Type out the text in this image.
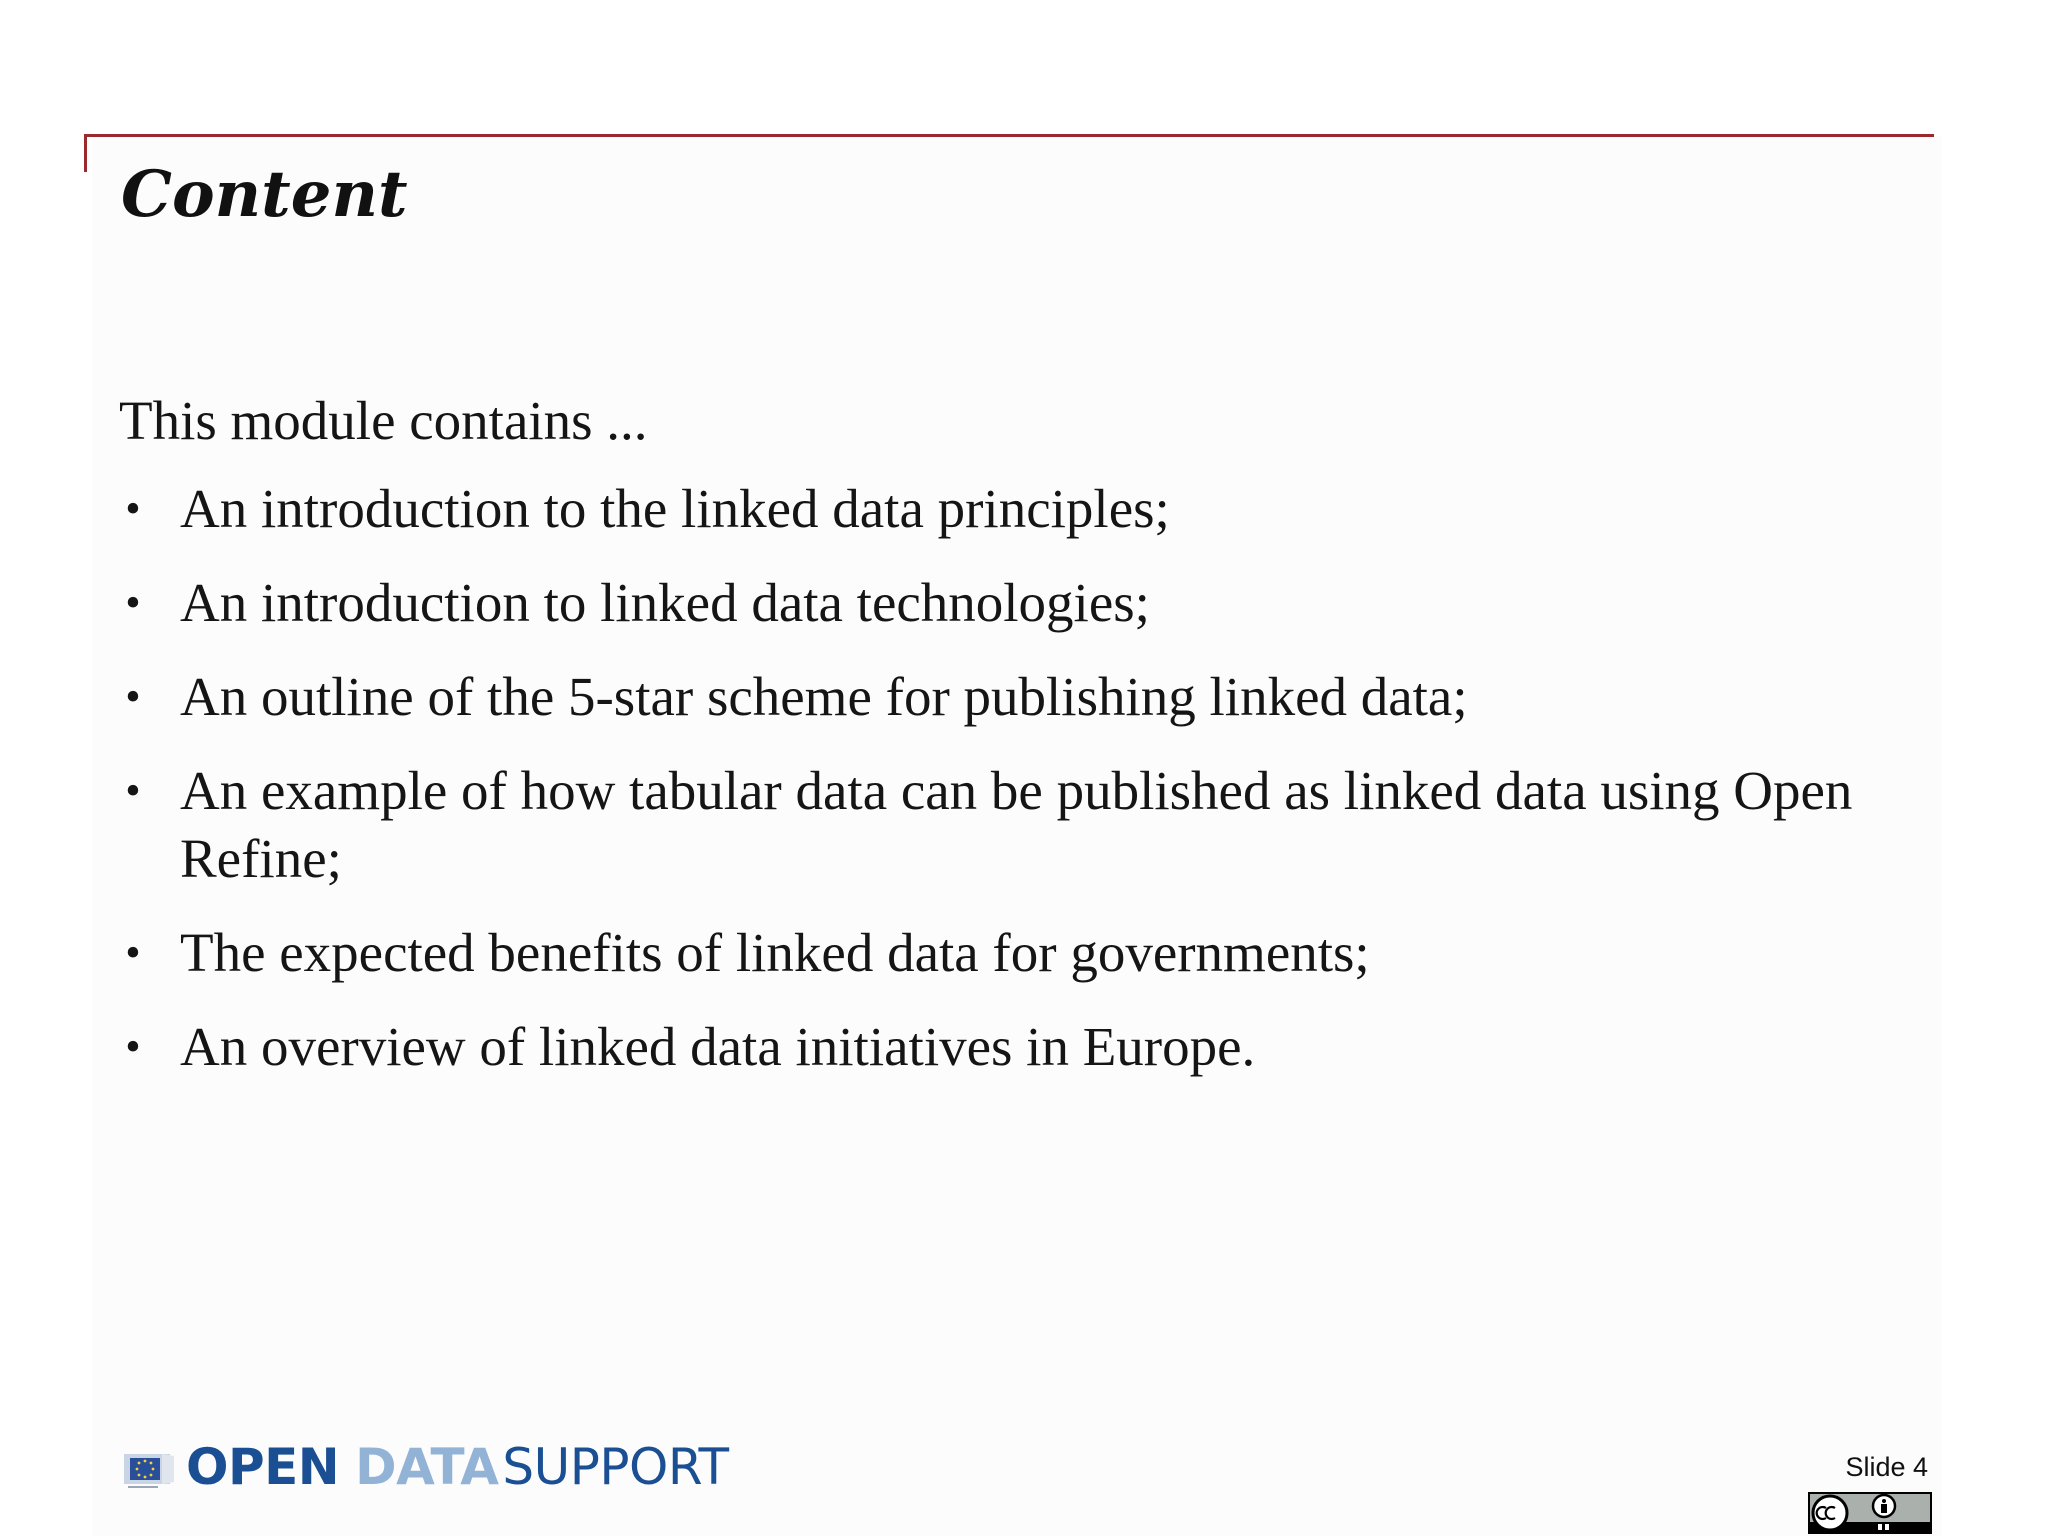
Content

This module contains ...

• An introduction to the linked data principles;
• An introduction to linked data technologies;
• An outline of the 5-star scheme for publishing linked data;
• An example of how tabular data can be published as linked data using Open Refine;
• The expected benefits of linked data for governments;
• An overview of linked data initiatives in Europe.
OPEN DATA SUPPORT	Slide 4
